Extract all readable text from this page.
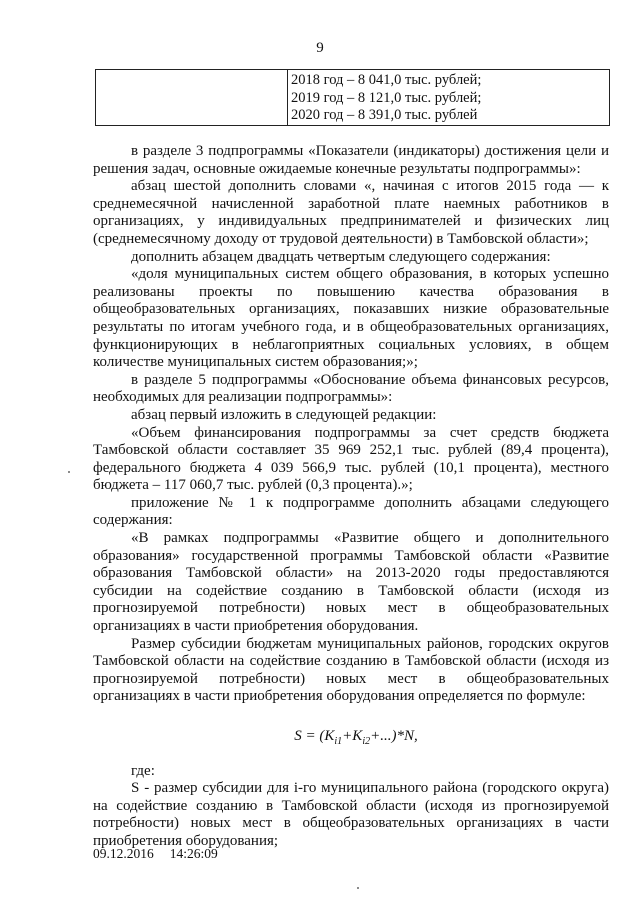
9
2018 год – 8 041,0 тыс. рублей;
2019 год – 8 121,0 тыс. рублей;
2020 год – 8 391,0 тыс. рублей

в разделе 3 подпрограммы «Показатели (индикаторы) достижения цели и решения задач, основные ожидаемые конечные результаты подпрограммы»:

абзац шестой дополнить словами «, начиная с итогов 2015 года — к среднемесячной начисленной заработной плате наемных работников в организациях, у индивидуальных предпринимателей и физических лиц (среднемесячному доходу от трудовой деятельности) в Тамбовской области»;

дополнить абзацем двадцать четвертым следующего содержания:

«доля муниципальных систем общего образования, в которых успешно реализованы проекты по повышению качества образования в общеобразовательных организациях, показавших низкие образовательные результаты по итогам учебного года, и в общеобразовательных организациях, функционирующих в неблагоприятных социальных условиях, в общем количестве муниципальных систем образования;»;

в разделе 5 подпрограммы «Обоснование объема финансовых ресурсов, необходимых для реализации подпрограммы»:

абзац первый изложить в следующей редакции:

«Объем финансирования подпрограммы за счет средств бюджета Тамбовской области составляет 35 969 252,1 тыс. рублей (89,4 процента), федерального бюджета 4 039 566,9 тыс. рублей (10,1 процента), местного бюджета – 117 060,7 тыс. рублей (0,3 процента).»;

приложение № 1 к подпрограмме дополнить абзацами следующего содержания:

«В рамках подпрограммы «Развитие общего и дополнительного образования» государственной программы Тамбовской области «Развитие образования Тамбовской области» на 2013-2020 годы предоставляются субсидии на содействие созданию в Тамбовской области (исходя из прогнозируемой потребности) новых мест в общеобразовательных организациях в части приобретения оборудования.

Размер субсидии бюджетам муниципальных районов, городских округов Тамбовской области на содействие созданию в Тамбовской области (исходя из прогнозируемой потребности) новых мест в общеобразовательных организациях в части приобретения оборудования определяется по формуле:

$S = (K_{i1}+K_{i2}+...)*N$,

где:

S - размер субсидии для i-го муниципального района (городского округа) на содействие созданию в Тамбовской области (исходя из прогнозируемой потребности) новых мест в общеобразовательных организациях в части приобретения оборудования;

09.12.2016 14:26:09
